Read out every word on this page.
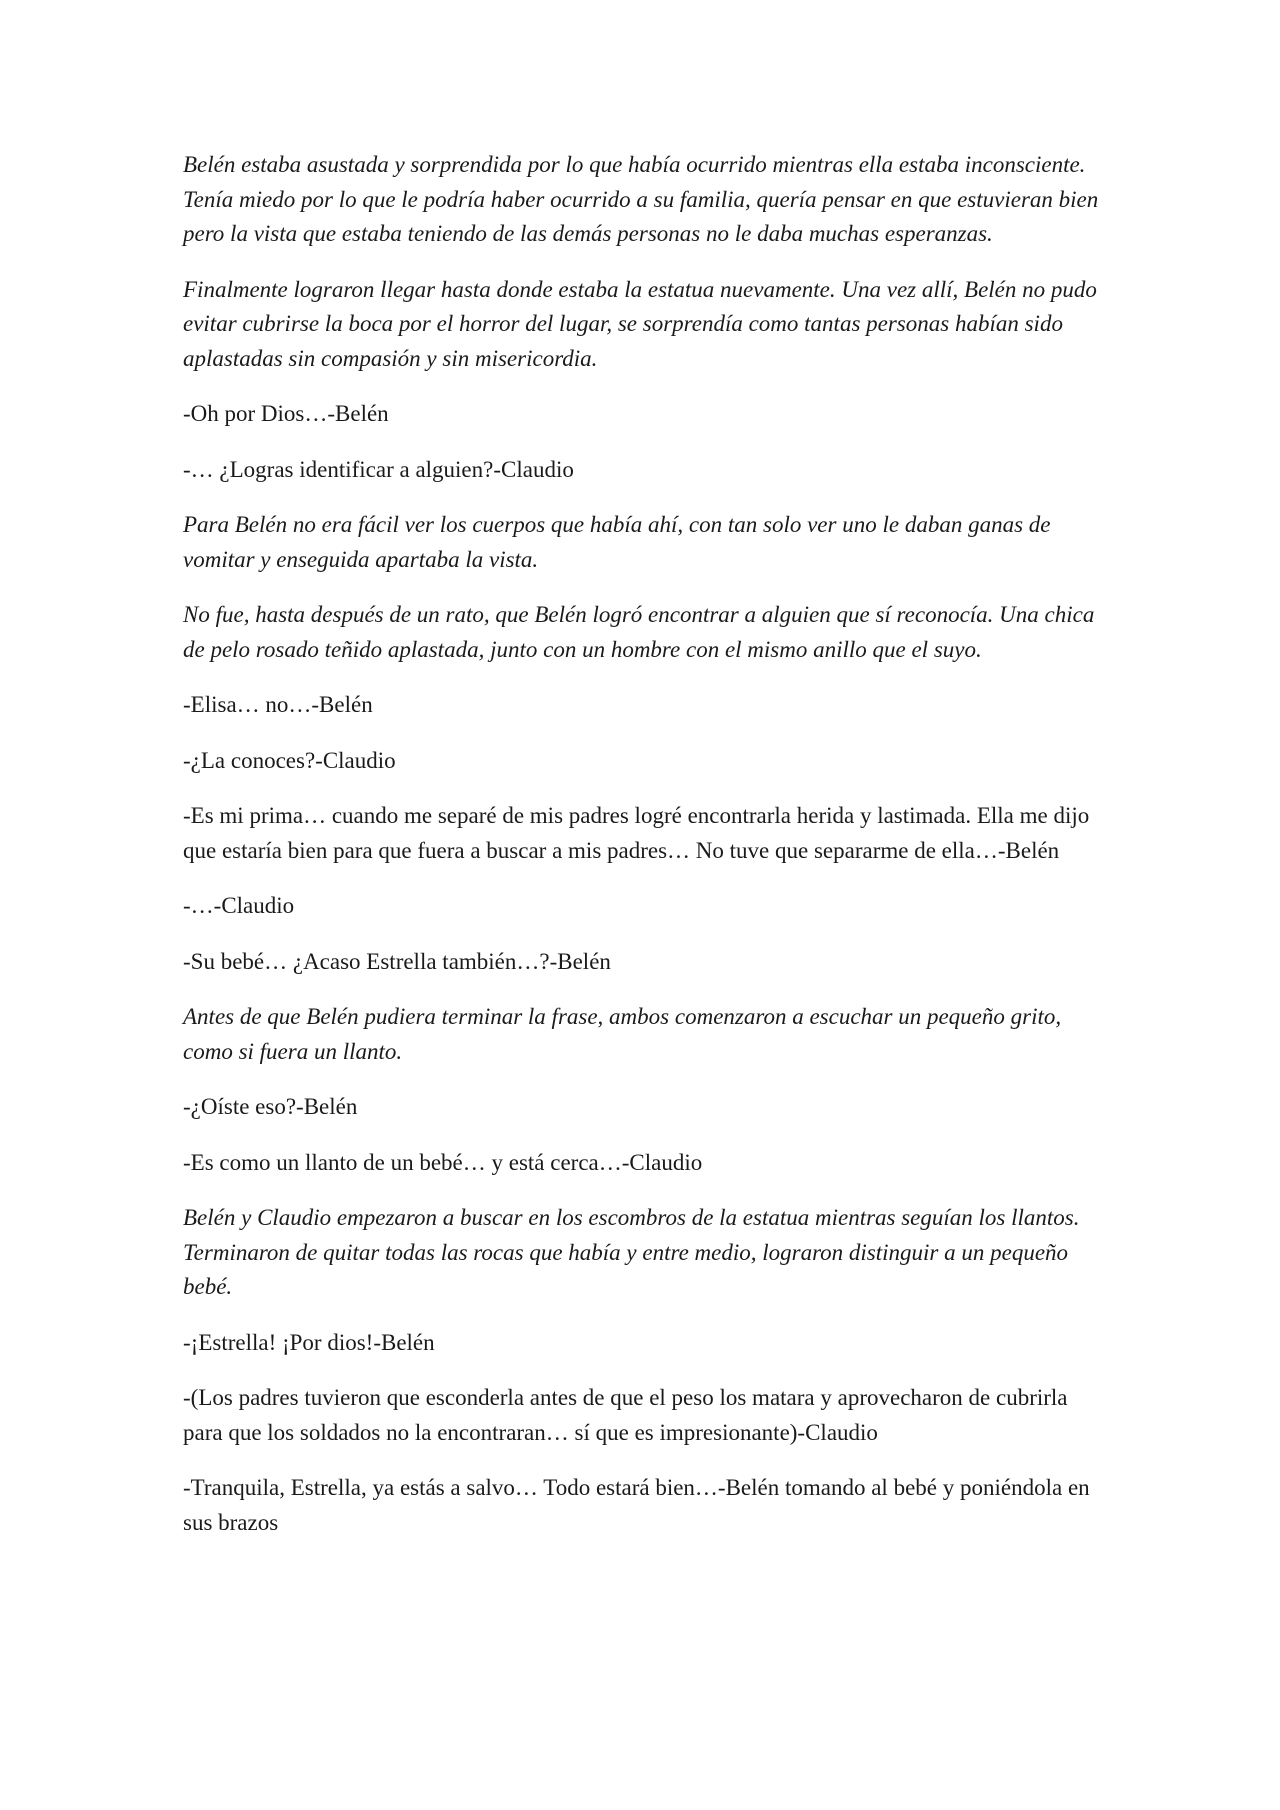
Belén estaba asustada y sorprendida por lo que había ocurrido mientras ella estaba inconsciente. Tenía miedo por lo que le podría haber ocurrido a su familia, quería pensar en que estuvieran bien pero la vista que estaba teniendo de las demás personas no le daba muchas esperanzas.

Finalmente lograron llegar hasta donde estaba la estatua nuevamente. Una vez allí, Belén no pudo evitar cubrirse la boca por el horror del lugar, se sorprendía como tantas personas habían sido aplastadas sin compasión y sin misericordia.

-Oh por Dios…-Belén

-… ¿Logras identificar a alguien?-Claudio

Para Belén no era fácil ver los cuerpos que había ahí, con tan solo ver uno le daban ganas de vomitar y enseguida apartaba la vista.

No fue, hasta después de un rato, que Belén logró encontrar a alguien que sí reconocía. Una chica de pelo rosado teñido aplastada, junto con un hombre con el mismo anillo que el suyo.

-Elisa… no…-Belén

-¿La conoces?-Claudio

-Es mi prima… cuando me separé de mis padres logré encontrarla herida y lastimada. Ella me dijo que estaría bien para que fuera a buscar a mis padres… No tuve que separarme de ella…-Belén

-…-Claudio

-Su bebé… ¿Acaso Estrella también…?-Belén

Antes de que Belén pudiera terminar la frase, ambos comenzaron a escuchar un pequeño grito, como si fuera un llanto.

-¿Oíste eso?-Belén

-Es como un llanto de un bebé… y está cerca…-Claudio

Belén y Claudio empezaron a buscar en los escombros de la estatua mientras seguían los llantos. Terminaron de quitar todas las rocas que había y entre medio, lograron distinguir a un pequeño bebé.

-¡Estrella! ¡Por dios!-Belén

-(Los padres tuvieron que esconderla antes de que el peso los matara y aprovecharon de cubrirla para que los soldados no la encontraran… sí que es impresionante)-Claudio

-Tranquila, Estrella, ya estás a salvo… Todo estará bien…-Belén tomando al bebé y poniéndola en sus brazos
